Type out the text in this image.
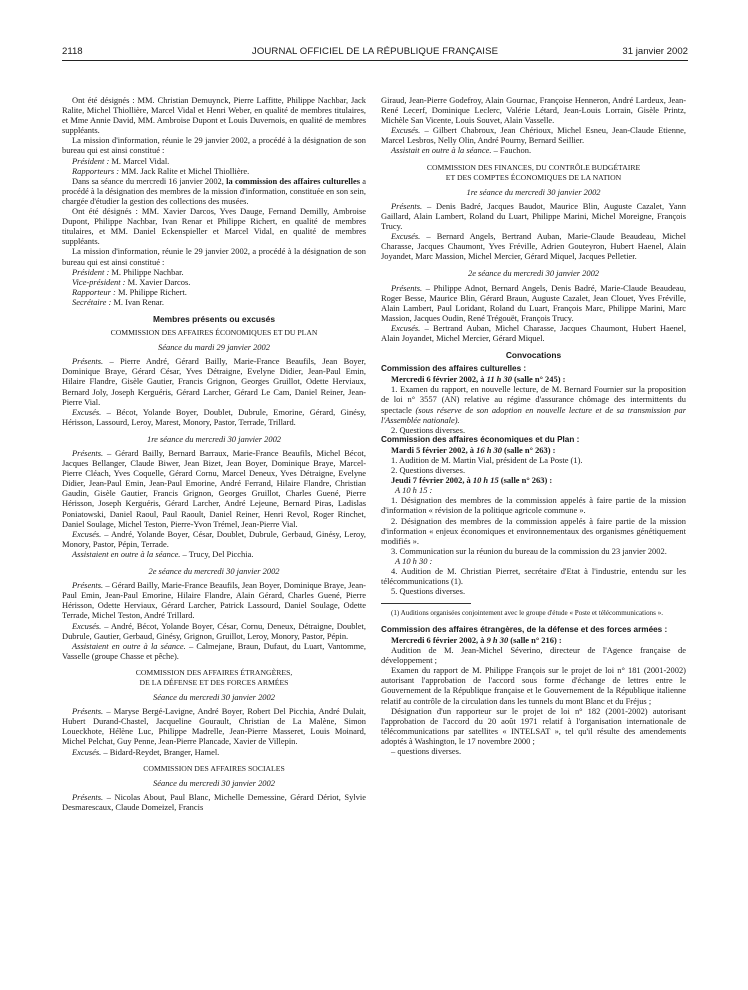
2118	JOURNAL OFFICIEL DE LA RÉPUBLIQUE FRANÇAISE	31 janvier 2002

Ont été désignés : MM. Christian Demuynck, Pierre Laffitte, Philippe Nachbar, Jack Ralite, Michel Thiollière, Marcel Vidal et Henri Weber, en qualité de membres titulaires, et Mme Annie David, MM. Ambroise Dupont et Louis Duvernois, en qualité de membres suppléants.

La mission d'information, réunie le 29 janvier 2002, a procédé à la désignation de son bureau qui est ainsi constitué :

Président : M. Marcel Vidal.

Rapporteurs : MM. Jack Ralite et Michel Thiollière.

Dans sa séance du mercredi 16 janvier 2002, la commission des affaires culturelles a procédé à la désignation des membres de la mission d'information, constituée en son sein, chargée d'étudier la gestion des collections des musées.

Ont été désignés : MM. Xavier Darcos, Yves Dauge, Fernand Demilly, Ambroise Dupont, Philippe Nachbar, Ivan Renar et Philippe Richert, en qualité de membres titulaires, et MM. Daniel Eckenspieller et Marcel Vidal, en qualité de membres suppléants.

La mission d'information, réunie le 29 janvier 2002, a procédé à la désignation de son bureau qui est ainsi constitué :

Président : M. Philippe Nachbar.

Vice-président : M. Xavier Darcos.

Rapporteur : M. Philippe Richert.

Secrétaire : M. Ivan Renar.

Membres présents ou excusés

COMMISSION DES AFFAIRES ÉCONOMIQUES ET DU PLAN

Séance du mardi 29 janvier 2002

Présents. – Pierre André, Gérard Bailly, Marie-France Beaufils, Jean Boyer, Dominique Braye, Gérard César, Yves Détraigne, Evelyne Didier, Jean-Paul Emin, Hilaire Flandre, Gisèle Gautier, Francis Grignon, Georges Gruillot, Odette Herviaux, Bernard Joly, Joseph Kerguéris, Gérard Larcher, Gérard Le Cam, Daniel Reiner, Jean-Pierre Vial.

Excusés. – Bécot, Yolande Boyer, Doublet, Dubrule, Emorine, Gérard, Ginésy, Hérisson, Lassourd, Leroy, Marest, Monory, Pastor, Terrade, Trillard.

1re séance du mercredi 30 janvier 2002

Présents. – Gérard Bailly, Bernard Barraux, Marie-France Beaufils, Michel Bécot, Jacques Bellanger, Claude Biwer, Jean Bizet, Jean Boyer, Dominique Braye, Marcel-Pierre Cléach, Yves Coquelle, Gérard Cornu, Marcel Deneux, Yves Détraigne, Evelyne Didier, Jean-Paul Emin, Jean-Paul Emorine, André Ferrand, Hilaire Flandre, Christian Gaudin, Gisèle Gautier, Francis Grignon, Georges Gruillot, Charles Guené, Pierre Hérisson, Joseph Kerguéris, Gérard Larcher, André Lejeune, Bernard Piras, Ladislas Poniatowski, Daniel Raoul, Paul Raoult, Daniel Reiner, Henri Revol, Roger Rinchet, Daniel Soulage, Michel Teston, Pierre-Yvon Trémel, Jean-Pierre Vial.

Excusés. – André, Yolande Boyer, César, Doublet, Dubrule, Gerbaud, Ginésy, Leroy, Monory, Pastor, Pépin, Terrade.

Assistaient en outre à la séance. – Trucy, Del Picchia.

2e séance du mercredi 30 janvier 2002

Présents. – Gérard Bailly, Marie-France Beaufils, Jean Boyer, Dominique Braye, Jean-Paul Emin, Jean-Paul Emorine, Hilaire Flandre, Alain Gérard, Charles Guené, Pierre Hérisson, Odette Herviaux, Gérard Larcher, Patrick Lassourd, Daniel Soulage, Odette Terrade, Michel Teston, André Trillard.

Excusés. – André, Bécot, Yolande Boyer, César, Cornu, Deneux, Détraigne, Doublet, Dubrule, Gautier, Gerbaud, Ginésy, Grignon, Gruillot, Leroy, Monory, Pastor, Pépin.

Assistaient en outre à la séance. – Calmejane, Braun, Dufaut, du Luart, Vantomme, Vasselle (groupe Chasse et pêche).

COMMISSION DES AFFAIRES ÉTRANGÈRES,

DE LA DÉFENSE ET DES FORCES ARMÉES

Séance du mercredi 30 janvier 2002

Présents. – Maryse Bergé-Lavigne, André Boyer, Robert Del Picchia, André Dulait, Hubert Durand-Chastel, Jacqueline Gourault, Christian de La Malène, Simon Loueckhote, Hélène Luc, Philippe Madrelle, Jean-Pierre Masseret, Louis Moinard, Michel Pelchat, Guy Penne, Jean-Pierre Plancade, Xavier de Villepin.

Excusés. – Bidard-Reydet, Branger, Hamel.

COMMISSION DES AFFAIRES SOCIALES

Séance du mercredi 30 janvier 2002

Présents. – Nicolas About, Paul Blanc, Michelle Demessine, Gérard Dériot, Sylvie Desmarescaux, Claude Domeizel, Francis

Giraud, Jean-Pierre Godefroy, Alain Gournac, Françoise Henneron, André Lardeux, Jean-René Lecerf, Dominique Leclerc, Valérie Létard, Jean-Louis Lorrain, Gisèle Printz, Michèle San Vicente, Louis Souvet, Alain Vasselle.

Excusés. – Gilbert Chabroux, Jean Chérioux, Michel Esneu, Jean-Claude Etienne, Marcel Lesbros, Nelly Olin, André Pourny, Bernard Seillier.

Assistait en outre à la séance. – Fauchon.

COMMISSION DES FINANCES, DU CONTRÔLE BUDGÉTAIRE

ET DES COMPTES ÉCONOMIQUES DE LA NATION

1re séance du mercredi 30 janvier 2002

Présents. – Denis Badré, Jacques Baudot, Maurice Blin, Auguste Cazalet, Yann Gaillard, Alain Lambert, Roland du Luart, Philippe Marini, Michel Moreigne, François Trucy.

Excusés. – Bernard Angels, Bertrand Auban, Marie-Claude Beaudeau, Michel Charasse, Jacques Chaumont, Yves Fréville, Adrien Gouteyron, Hubert Haenel, Alain Joyandet, Marc Massion, Michel Mercier, Gérard Miquel, Jacques Pelletier.

2e séance du mercredi 30 janvier 2002

Présents. – Philippe Adnot, Bernard Angels, Denis Badré, Marie-Claude Beaudeau, Roger Besse, Maurice Blin, Gérard Braun, Auguste Cazalet, Jean Clouet, Yves Fréville, Alain Lambert, Paul Loridant, Roland du Luart, François Marc, Philippe Marini, Marc Massion, Jacques Oudin, René Trégouët, François Trucy.

Excusés. – Bertrand Auban, Michel Charasse, Jacques Chaumont, Hubert Haenel, Alain Joyandet, Michel Mercier, Gérard Miquel.

Convocations

Commission des affaires culturelles :

Mercredi 6 février 2002, à 11 h 30 (salle n° 245) :

1. Examen du rapport, en nouvelle lecture, de M. Bernard Fournier sur la proposition de loi n° 3557 (AN) relative au régime d'assurance chômage des intermittents du spectacle (sous réserve de son adoption en nouvelle lecture et de sa transmission par l'Assemblée nationale).

2. Questions diverses.

Commission des affaires économiques et du Plan :

Mardi 5 février 2002, à 16 h 30 (salle n° 263) :

1. Audition de M. Martin Vial, président de La Poste (1).

2. Questions diverses.

Jeudi 7 février 2002, à 10 h 15 (salle n° 263) :

A 10 h 15 :

1. Désignation des membres de la commission appelés à faire partie de la mission d'information « révision de la politique agricole commune ».

2. Désignation des membres de la commission appelés à faire partie de la mission d'information « enjeux économiques et environnementaux des organismes génétiquement modifiés ».

3. Communication sur la réunion du bureau de la commission du 23 janvier 2002.

A 10 h 30 :

4. Audition de M. Christian Pierret, secrétaire d'Etat à l'industrie, entendu sur les télécommunications (1).

5. Questions diverses.

(1) Auditions organisées conjointement avec le groupe d'étude « Poste et télécommunications ».

Commission des affaires étrangères, de la défense et des forces armées :

Mercredi 6 février 2002, à 9 h 30 (salle n° 216) :

Audition de M. Jean-Michel Séverino, directeur de l'Agence française de développement ;

Examen du rapport de M. Philippe François sur le projet de loi n° 181 (2001-2002) autorisant l'approbation de l'accord sous forme d'échange de lettres entre le Gouvernement de la République française et le Gouvernement de la République italienne relatif au contrôle de la circulation dans les tunnels du mont Blanc et du Fréjus ;

Désignation d'un rapporteur sur le projet de loi n° 182 (2001-2002) autorisant l'approbation de l'accord du 20 août 1971 relatif à l'organisation internationale de télécommunications par satellites « INTELSAT », tel qu'il résulte des amendements adoptés à Washington, le 17 novembre 2000 ;

– questions diverses.
